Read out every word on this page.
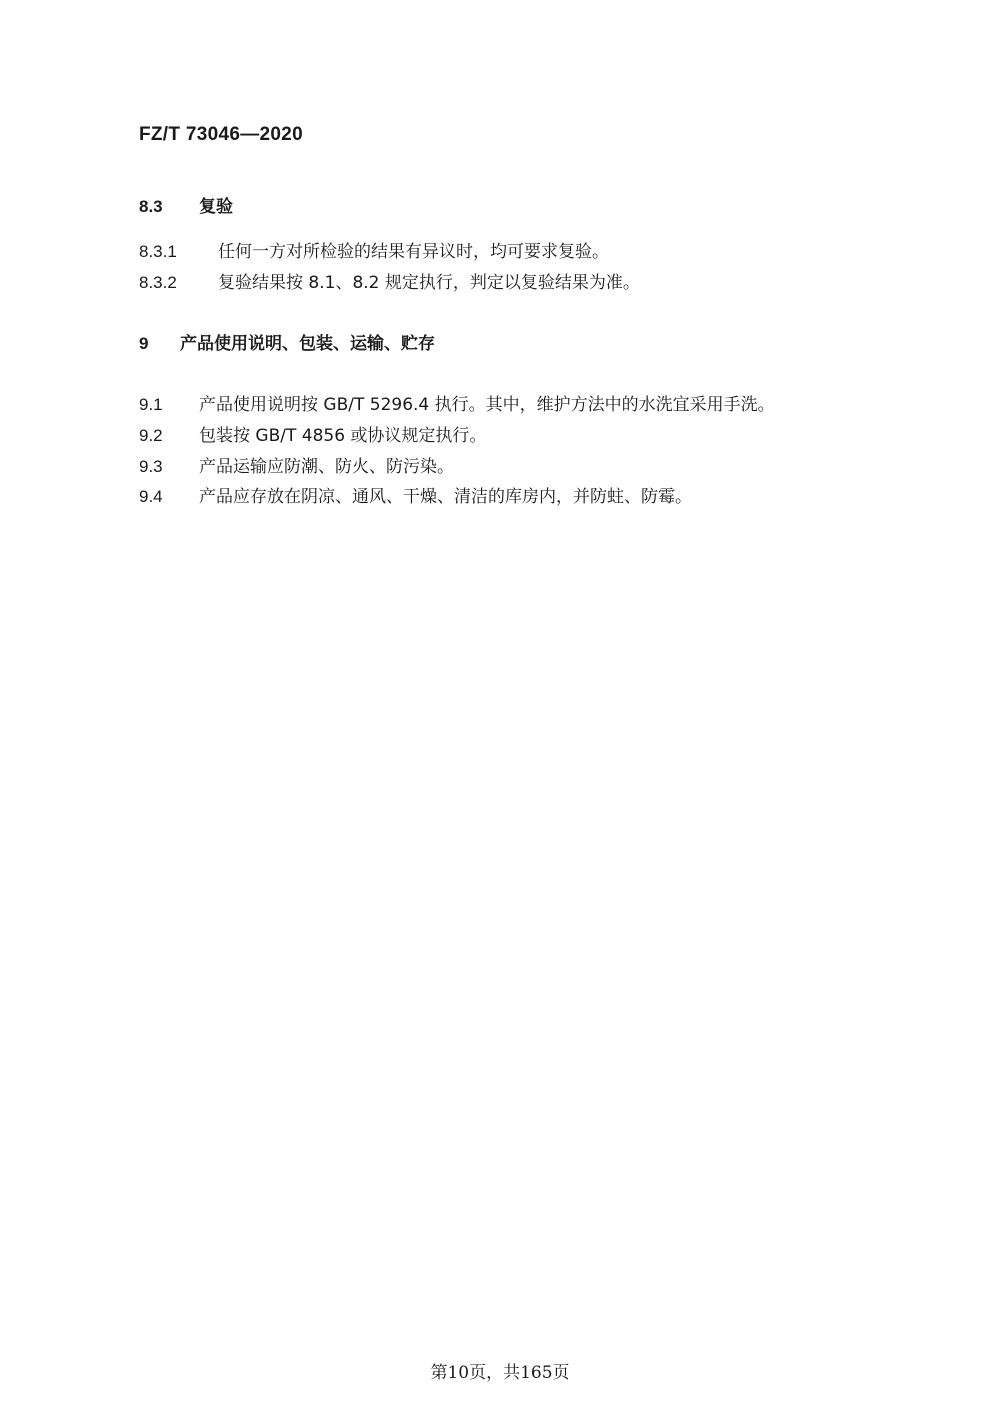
FZ/T 73046—2020
8.3 复验
8.3.1 任何一方对所检验的结果有异议时，均可要求复验。
8.3.2 复验结果按 8.1、8.2 规定执行，判定以复验结果为准。
9 产品使用说明、包装、运输、贮存
9.1 产品使用说明按 GB/T 5296.4 执行。其中，维护方法中的水洗宜采用手洗。
9.2 包装按 GB/T 4856 或协议规定执行。
9.3 产品运输应防潮、防火、防污染。
9.4 产品应存放在阴凉、通风、干燥、清洁的库房内，并防蛀、防霉。
第10页，共165页
